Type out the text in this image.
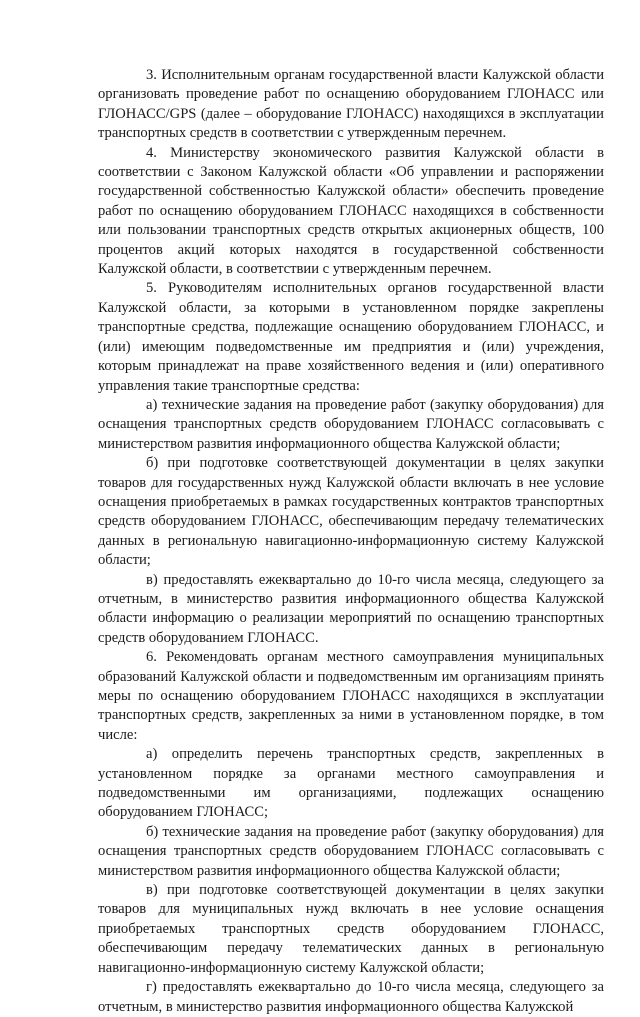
3. Исполнительным органам государственной власти Калужской области организовать проведение работ по оснащению оборудованием ГЛОНАСС или ГЛОНАСС/GPS (далее – оборудование ГЛОНАСС) находящихся в эксплуатации транспортных средств в соответствии с утвержденным перечнем.

4. Министерству экономического развития Калужской области в соответствии с Законом Калужской области «Об управлении и распоряжении государственной собственностью Калужской области» обеспечить проведение работ по оснащению оборудованием ГЛОНАСС находящихся в собственности или пользовании транспортных средств открытых акционерных обществ, 100 процентов акций которых находятся в государственной собственности Калужской области, в соответствии с утвержденным перечнем.

5. Руководителям исполнительных органов государственной власти Калужской области, за которыми в установленном порядке закреплены транспортные средства, подлежащие оснащению оборудованием ГЛОНАСС, и (или) имеющим подведомственные им предприятия и (или) учреждения, которым принадлежат на праве хозяйственного ведения и (или) оперативного управления такие транспортные средства:

а) технические задания на проведение работ (закупку оборудования) для оснащения транспортных средств оборудованием ГЛОНАСС согласовывать с министерством развития информационного общества Калужской области;

б) при подготовке соответствующей документации в целях закупки товаров для государственных нужд Калужской области включать в нее условие оснащения приобретаемых в рамках государственных контрактов транспортных средств оборудованием ГЛОНАСС, обеспечивающим передачу телематических данных в региональную навигационно-информационную систему Калужской области;

в) предоставлять ежеквартально до 10-го числа месяца, следующего за отчетным, в министерство развития информационного общества Калужской области информацию о реализации мероприятий по оснащению транспортных средств оборудованием ГЛОНАСС.

6. Рекомендовать органам местного самоуправления муниципальных образований Калужской области и подведомственным им организациям принять меры по оснащению оборудованием ГЛОНАСС находящихся в эксплуатации транспортных средств, закрепленных за ними в установленном порядке, в том числе:

а) определить перечень транспортных средств, закрепленных в установленном порядке за органами местного самоуправления и подведомственными им организациями, подлежащих оснащению оборудованием ГЛОНАСС;

б) технические задания на проведение работ (закупку оборудования) для оснащения транспортных средств оборудованием ГЛОНАСС согласовывать с министерством развития информационного общества Калужской области;

в) при подготовке соответствующей документации в целях закупки товаров для муниципальных нужд включать в нее условие оснащения приобретаемых транспортных средств оборудованием ГЛОНАСС, обеспечивающим передачу телематических данных в региональную навигационно-информационную систему Калужской области;

г) предоставлять ежеквартально до 10-го числа месяца, следующего за отчетным, в министерство развития информационного общества Калужской
